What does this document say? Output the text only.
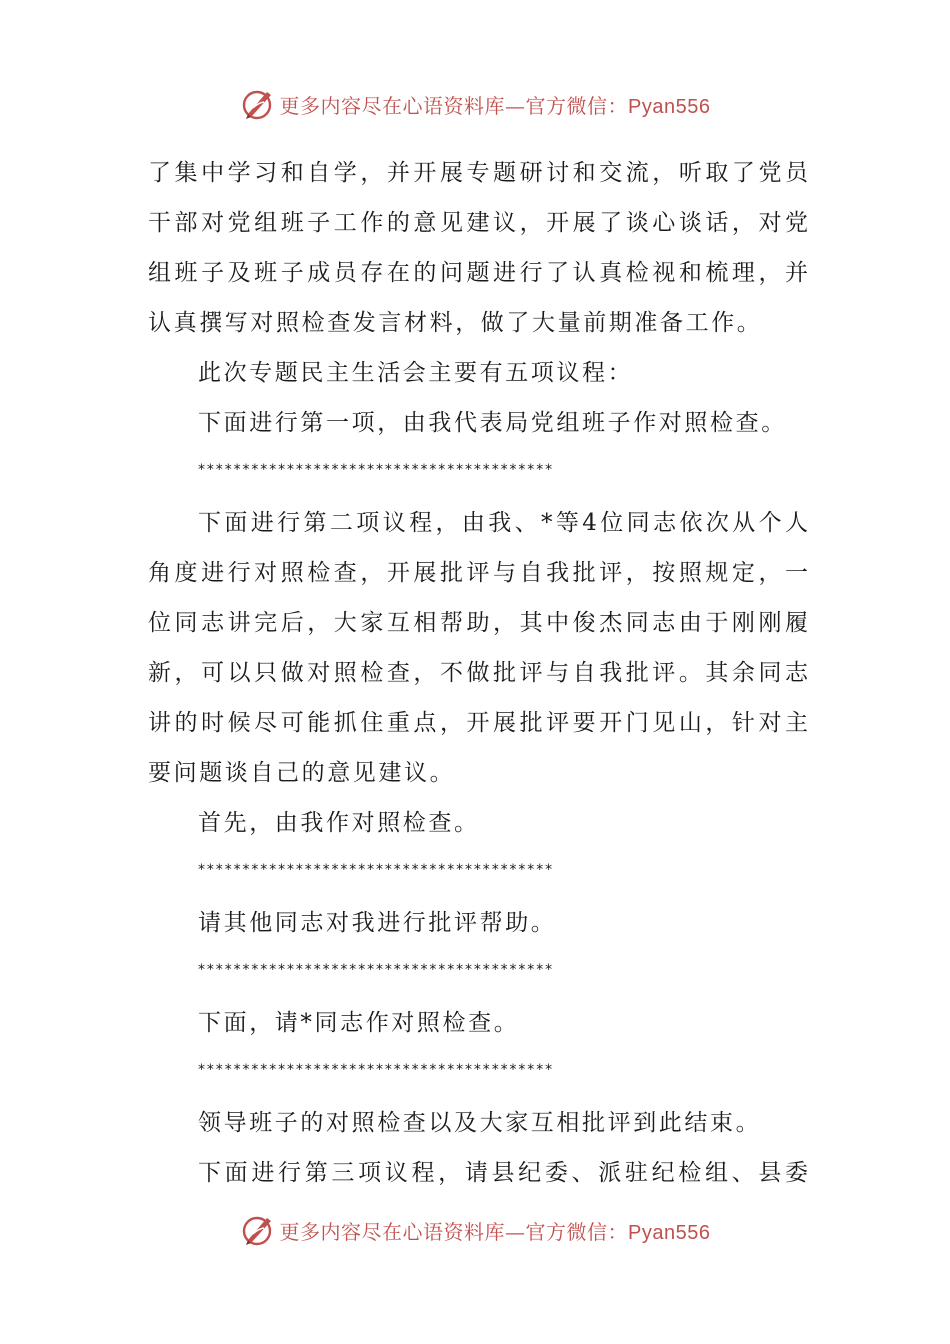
更多内容尽在心语资料库—官方微信：Pyan556
了集中学习和自学，并开展专题研讨和交流，听取了党员
干部对党组班子工作的意见建议，开展了谈心谈话，对党
组班子及班子成员存在的问题进行了认真检视和梳理，并
认真撰写对照检查发言材料，做了大量前期准备工作。
此次专题民主生活会主要有五项议程：
下面进行第一项，由我代表局党组班子作对照检查。
****************************************
下面进行第二项议程，由我、*等4位同志依次从个人
角度进行对照检查，开展批评与自我批评，按照规定，一
位同志讲完后，大家互相帮助，其中俊杰同志由于刚刚履
新，可以只做对照检查，不做批评与自我批评。其余同志
讲的时候尽可能抓住重点，开展批评要开门见山，针对主
要问题谈自己的意见建议。
首先，由我作对照检查。
****************************************
请其他同志对我进行批评帮助。
****************************************
下面，请*同志作对照检查。
****************************************
领导班子的对照检查以及大家互相批评到此结束。
下面进行第三项议程，请县纪委、派驻纪检组、县委
更多内容尽在心语资料库—官方微信：Pyan556
